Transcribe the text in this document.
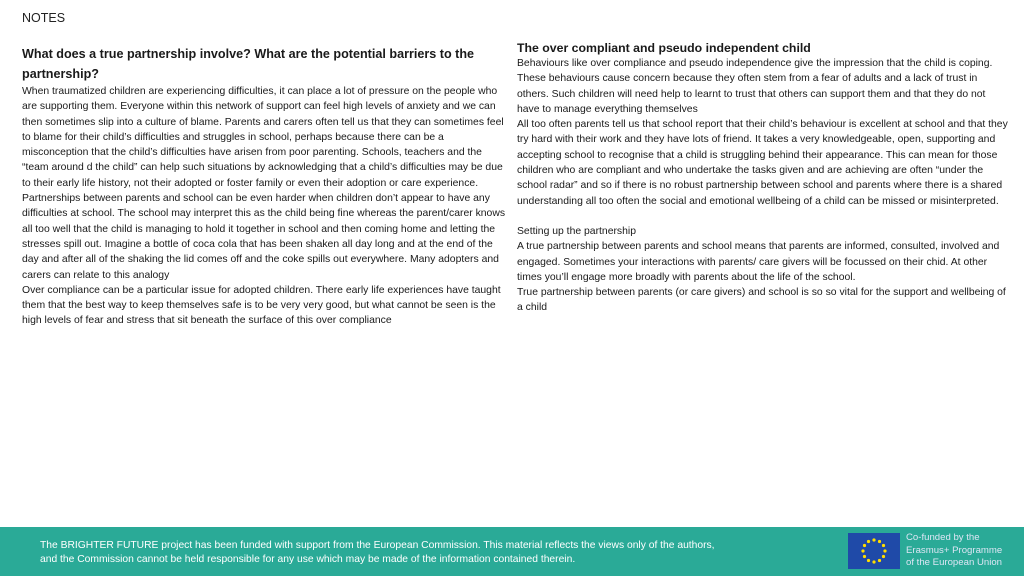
NOTES
What does a true partnership involve? What are the potential barriers to the partnership?

When traumatized children are experiencing difficulties, it can place a lot of pressure on the people who are supporting them. Everyone within this network of support can feel high levels of anxiety and we can then sometimes slip into a culture of blame. Parents and carers often tell us that they can sometimes feel to blame for their child’s difficulties and struggles in school, perhaps because there can be a misconception that the child’s difficulties have arisen from poor parenting. Schools, teachers and the “team around d the child” can help such situations by acknowledging that a child’s difficulties may be due to their early life history, not their adopted or foster family or even their adoption or care experience.

Partnerships between parents and school can be even harder when children don’t appear to have any difficulties at school. The school may interpret this as the child being fine whereas the parent/carer knows all too well that the child is managing to hold it together in school and then coming home and letting the stresses spill out. Imagine a bottle of coca cola that has been shaken all day long and at the end of the day and after all of the shaking the lid comes off and the coke spills out everywhere. Many adopters and carers can relate to this analogy

Over compliance can be a particular issue for adopted children. There early life experiences have taught them that the best way to keep themselves safe is to be very very good, but what cannot be seen is the high levels of fear and stress that sit beneath the surface of this over compliance

The over compliant and pseudo independent child

Behaviours like over compliance and pseudo independence give the impression that the child is coping. These behaviours cause concern because they often stem from a fear of adults and a lack of trust in others. Such children will need help to learnt to trust that others can support them and that they do not have to manage everything themselves

All too often parents tell us that school report that their child’s behaviour is excellent at school and that they try hard with their work and they have lots of friend. It takes a very knowledgeable, open, supporting and accepting school to recognise that a child is struggling behind their appearance. This can mean for those children who are compliant and who undertake the tasks given and are achieving are often “under the school radar” and so if there is no robust partnership between school and parents where there is a shared understanding all too often the social and emotional wellbeing of a child can be missed or misinterpreted.

Setting up the partnership

A true partnership between parents and school means that parents are informed, consulted, involved and engaged. Sometimes your interactions with parents/ care givers will be focussed on their chid. At other times you’ll engage more broadly with parents about the life of the school.

True partnership between parents (or care givers) and school is so so vital for the support and wellbeing of a child

The BRIGHTER FUTURE project has been funded with support from the European Commission. This material reflects the views only of the authors,
and the Commission cannot be held responsible for any use which may be made of the information contained therein.
Co-funded by the
Erasmus+ Programme
of the European Union
